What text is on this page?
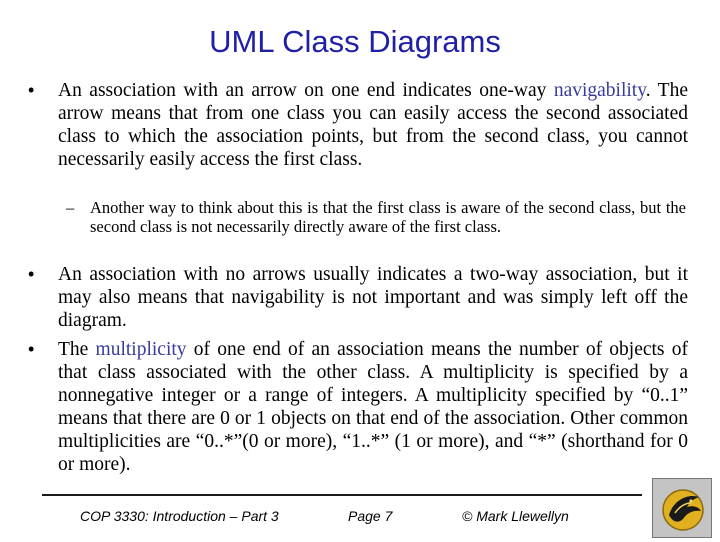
UML Class Diagrams
• An association with an arrow on one end indicates one-way navigability. The arrow means that from one class you can easily access the second associated class to which the association points, but from the second class, you cannot necessarily easily access the first class.
– Another way to think about this is that the first class is aware of the second class, but the second class is not necessarily directly aware of the first class.
• An association with no arrows usually indicates a two-way association, but it may also means that navigability is not important and was simply left off the diagram.
• The multiplicity of one end of an association means the number of objects of that class associated with the other class. A multiplicity is specified by a nonnegative integer or a range of integers. A multiplicity specified by “0..1” means that there are 0 or 1 objects on that end of the association. Other common multiplicities are “0..*”(0 or more), “1..*” (1 or more), and “*” (shorthand for 0 or more).
COP 3330: Introduction – Part 3	Page 7	© Mark Llewellyn
